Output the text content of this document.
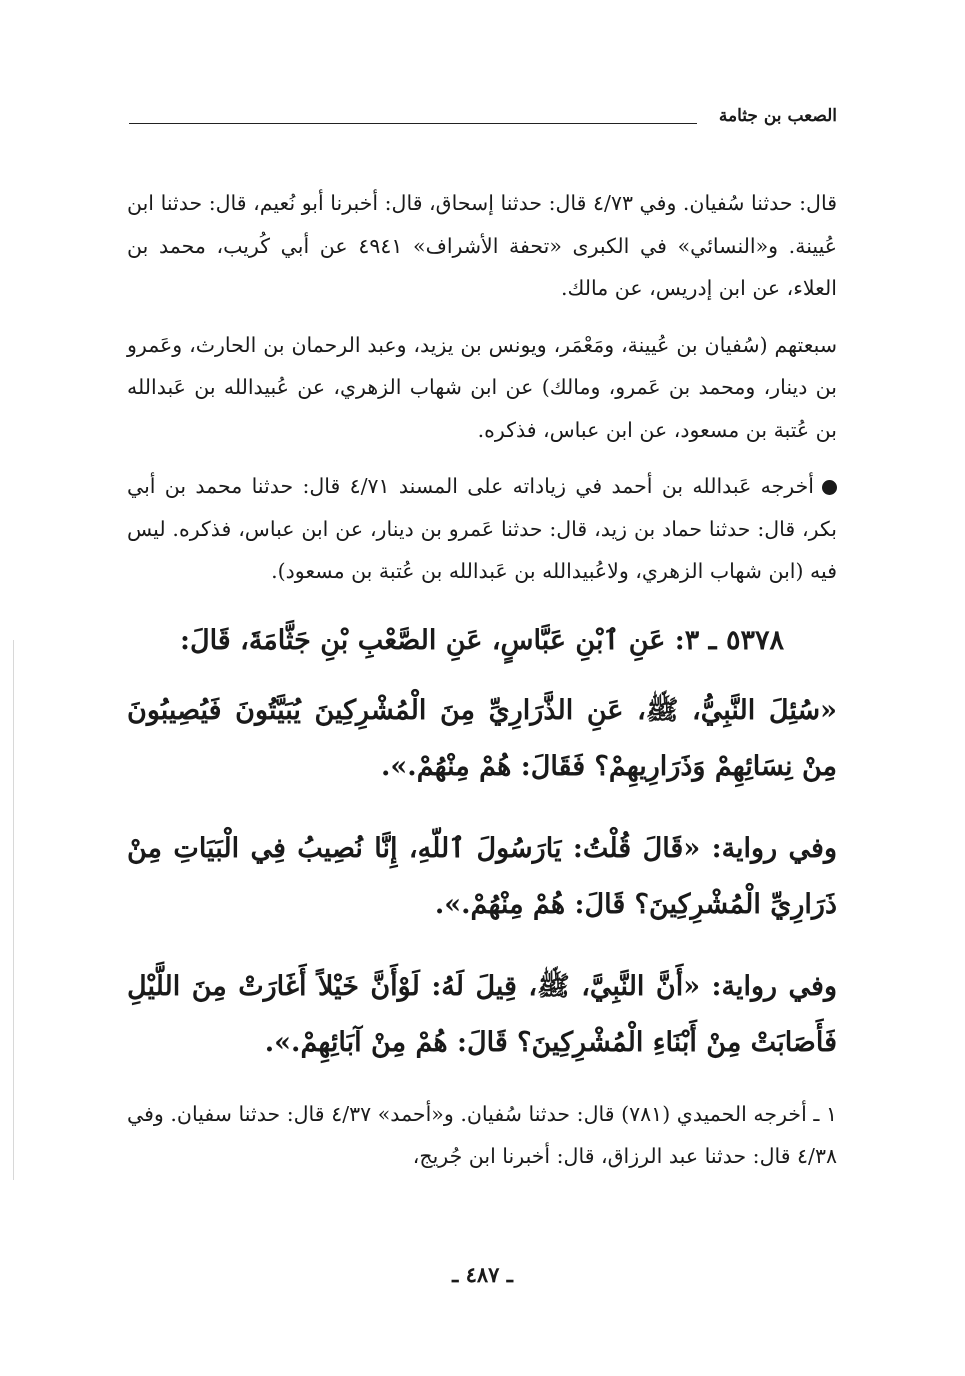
الصعب بن جثامة

قال: حدثنا سُفيان. وفي ٤/٧٣ قال: حدثنا إسحاق، قال: أخبرنا أبو نُعيم، قال: حدثنا ابن عُيينة. و«النسائي» في الكبرى «تحفة الأشراف» ٤٩٤١ عن أبي كُريب، محمد بن العلاء، عن ابن إدريس، عن مالك.

سبعتهم (سُفيان بن عُيينة، ومَعْمَر، ويونس بن يزيد، وعبد الرحمان بن الحارث، وعَمرو بن دينار، ومحمد بن عَمرو، ومالك) عن ابن شهاب الزهري، عن عُبيدالله بن عَبدالله بن عُتبة بن مسعود، عن ابن عباس، فذكره.

أخرجه عَبدالله بن أحمد في زياداته على المسند ٤/٧١ قال: حدثنا محمد بن أبي بكر، قال: حدثنا حماد بن زيد، قال: حدثنا عَمرو بن دينار، عن ابن عباس، فذكره. ليس فيه (ابن شهاب الزهري، ولاعُبيدالله بن عَبدالله بن عُتبة بن مسعود).

٥٣٧٨ ـ ٣: عَنِ ٱبْنِ عَبَّاسٍ، عَنِ الصَّعْبِ بْنِ جَثَّامَةَ، قَالَ:

«سُئِلَ النَّبِيُّ، ﷺ، عَنِ الذَّرَارِيِّ مِنَ الْمُشْرِكِينَ يُبَيَّتُونَ فَيُصِيبُونَ مِنْ نِسَائِهِمْ وَذَرَارِيهِمْ؟ فَقَالَ: هُمْ مِنْهُمْ.».

وفي رواية: «قَالَ قُلْتُ: يَارَسُولَ ٱللّهِ، إِنَّا نُصِيبُ فِي الْبَيَاتِ مِنْ ذَرَارِيِّ الْمُشْرِكِينَ؟ قَالَ: هُمْ مِنْهُمْ.».

وفي رواية: «أَنَّ النَّبِيَّ، ﷺ، قِيلَ لَهُ: لَوْأَنَّ خَيْلاً أَغَارَتْ مِنَ اللَّيْلِ فَأَصَابَتْ مِنْ أَبْنَاءِ الْمُشْرِكِينَ؟ قَالَ: هُمْ مِنْ آبَائِهِمْ.».

١ ـ أخرجه الحميدي (٧٨١) قال: حدثنا سُفيان. و«أحمد» ٤/٣٧ قال: حدثنا سفيان. وفي ٤/٣٨ قال: حدثنا عبد الرزاق، قال: أخبرنا ابن جُريج،

ـ ٤٨٧ ـ
